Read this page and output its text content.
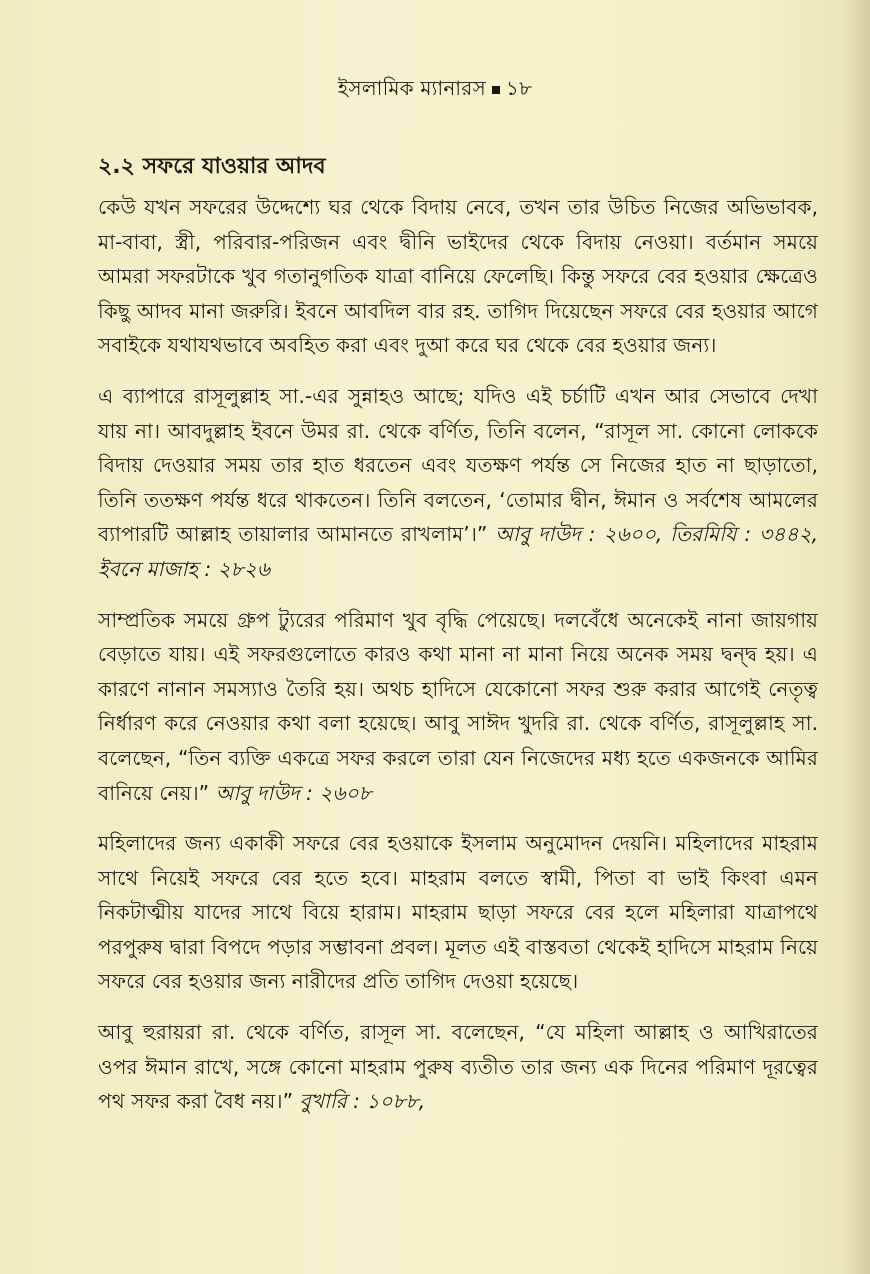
ইসলামিক ম্যানারস ১৮
২.২ সফরে যাওয়ার আদব

কেউ যখন সফরের উদ্দেশ্যে ঘর থেকে বিদায় নেবে, তখন তার উচিত নিজের অভিভাবক, মা-বাবা, স্ত্রী, পরিবার-পরিজন এবং দ্বীনি ভাইদের থেকে বিদায় নেওয়া। বর্তমান সময়ে আমরা সফরটাকে খুব গতানুগতিক যাত্রা বানিয়ে ফেলেছি। কিন্তু সফরে বের হওয়ার ক্ষেত্রেও কিছু আদব মানা জরুরি। ইবনে আবদিল বার রহ. তাগিদ দিয়েছেন সফরে বের হওয়ার আগে সবাইকে যথাযথভাবে অবহিত করা এবং দুআ করে ঘর থেকে বের হওয়ার জন্য।

এ ব্যাপারে রাসূলুল্লাহ সা.-এর সুন্নাহও আছে; যদিও এই চর্চাটি এখন আর সেভাবে দেখা যায় না। আবদুল্লাহ ইবনে উমর রা. থেকে বর্ণিত, তিনি বলেন, “রাসূল সা. কোনো লোককে বিদায় দেওয়ার সময় তার হাত ধরতেন এবং যতক্ষণ পর্যন্ত সে নিজের হাত না ছাড়াতো, তিনি ততক্ষণ পর্যন্ত ধরে থাকতেন। তিনি বলতেন, ‘তোমার দ্বীন, ঈমান ও সর্বশেষ আমলের ব্যাপারটি আল্লাহ তায়ালার আমানতে রাখলাম’।” আবু দাউদ : ২৬০০, তিরমিযি : ৩৪৪২, ইবনে মাজাহ : ২৮২৬

সাম্প্রতিক সময়ে গ্রুপ ট্যুরের পরিমাণ খুব বৃদ্ধি পেয়েছে। দলবেঁধে অনেকেই নানা জায়গায় বেড়াতে যায়। এই সফরগুলোতে কারও কথা মানা না মানা নিয়ে অনেক সময় দ্বন্দ্ব হয়। এ কারণে নানান সমস্যাও তৈরি হয়। অথচ হাদিসে যেকোনো সফর শুরু করার আগেই নেতৃত্ব নির্ধারণ করে নেওয়ার কথা বলা হয়েছে। আবু সাঈদ খুদরি রা. থেকে বর্ণিত, রাসূলুল্লাহ সা. বলেছেন, “তিন ব্যক্তি একত্রে সফর করলে তারা যেন নিজেদের মধ্য হতে একজনকে আমির বানিয়ে নেয়।” আবু দাউদ : ২৬০৮

মহিলাদের জন্য একাকী সফরে বের হওয়াকে ইসলাম অনুমোদন দেয়নি। মহিলাদের মাহরাম সাথে নিয়েই সফরে বের হতে হবে। মাহরাম বলতে স্বামী, পিতা বা ভাই কিংবা এমন নিকটাত্মীয় যাদের সাথে বিয়ে হারাম। মাহরাম ছাড়া সফরে বের হলে মহিলারা যাত্রাপথে পরপুরুষ দ্বারা বিপদে পড়ার সম্ভাবনা প্রবল। মূলত এই বাস্তবতা থেকেই হাদিসে মাহরাম নিয়ে সফরে বের হওয়ার জন্য নারীদের প্রতি তাগিদ দেওয়া হয়েছে।

আবু হুরায়রা রা. থেকে বর্ণিত, রাসূল সা. বলেছেন, “যে মহিলা আল্লাহ ও আখিরাতের ওপর ঈমান রাখে, সঙ্গে কোনো মাহরাম পুরুষ ব্যতীত তার জন্য এক দিনের পরিমাণ দূরত্বের পথ সফর করা বৈধ নয়।” বুখারি : ১০৮৮,
